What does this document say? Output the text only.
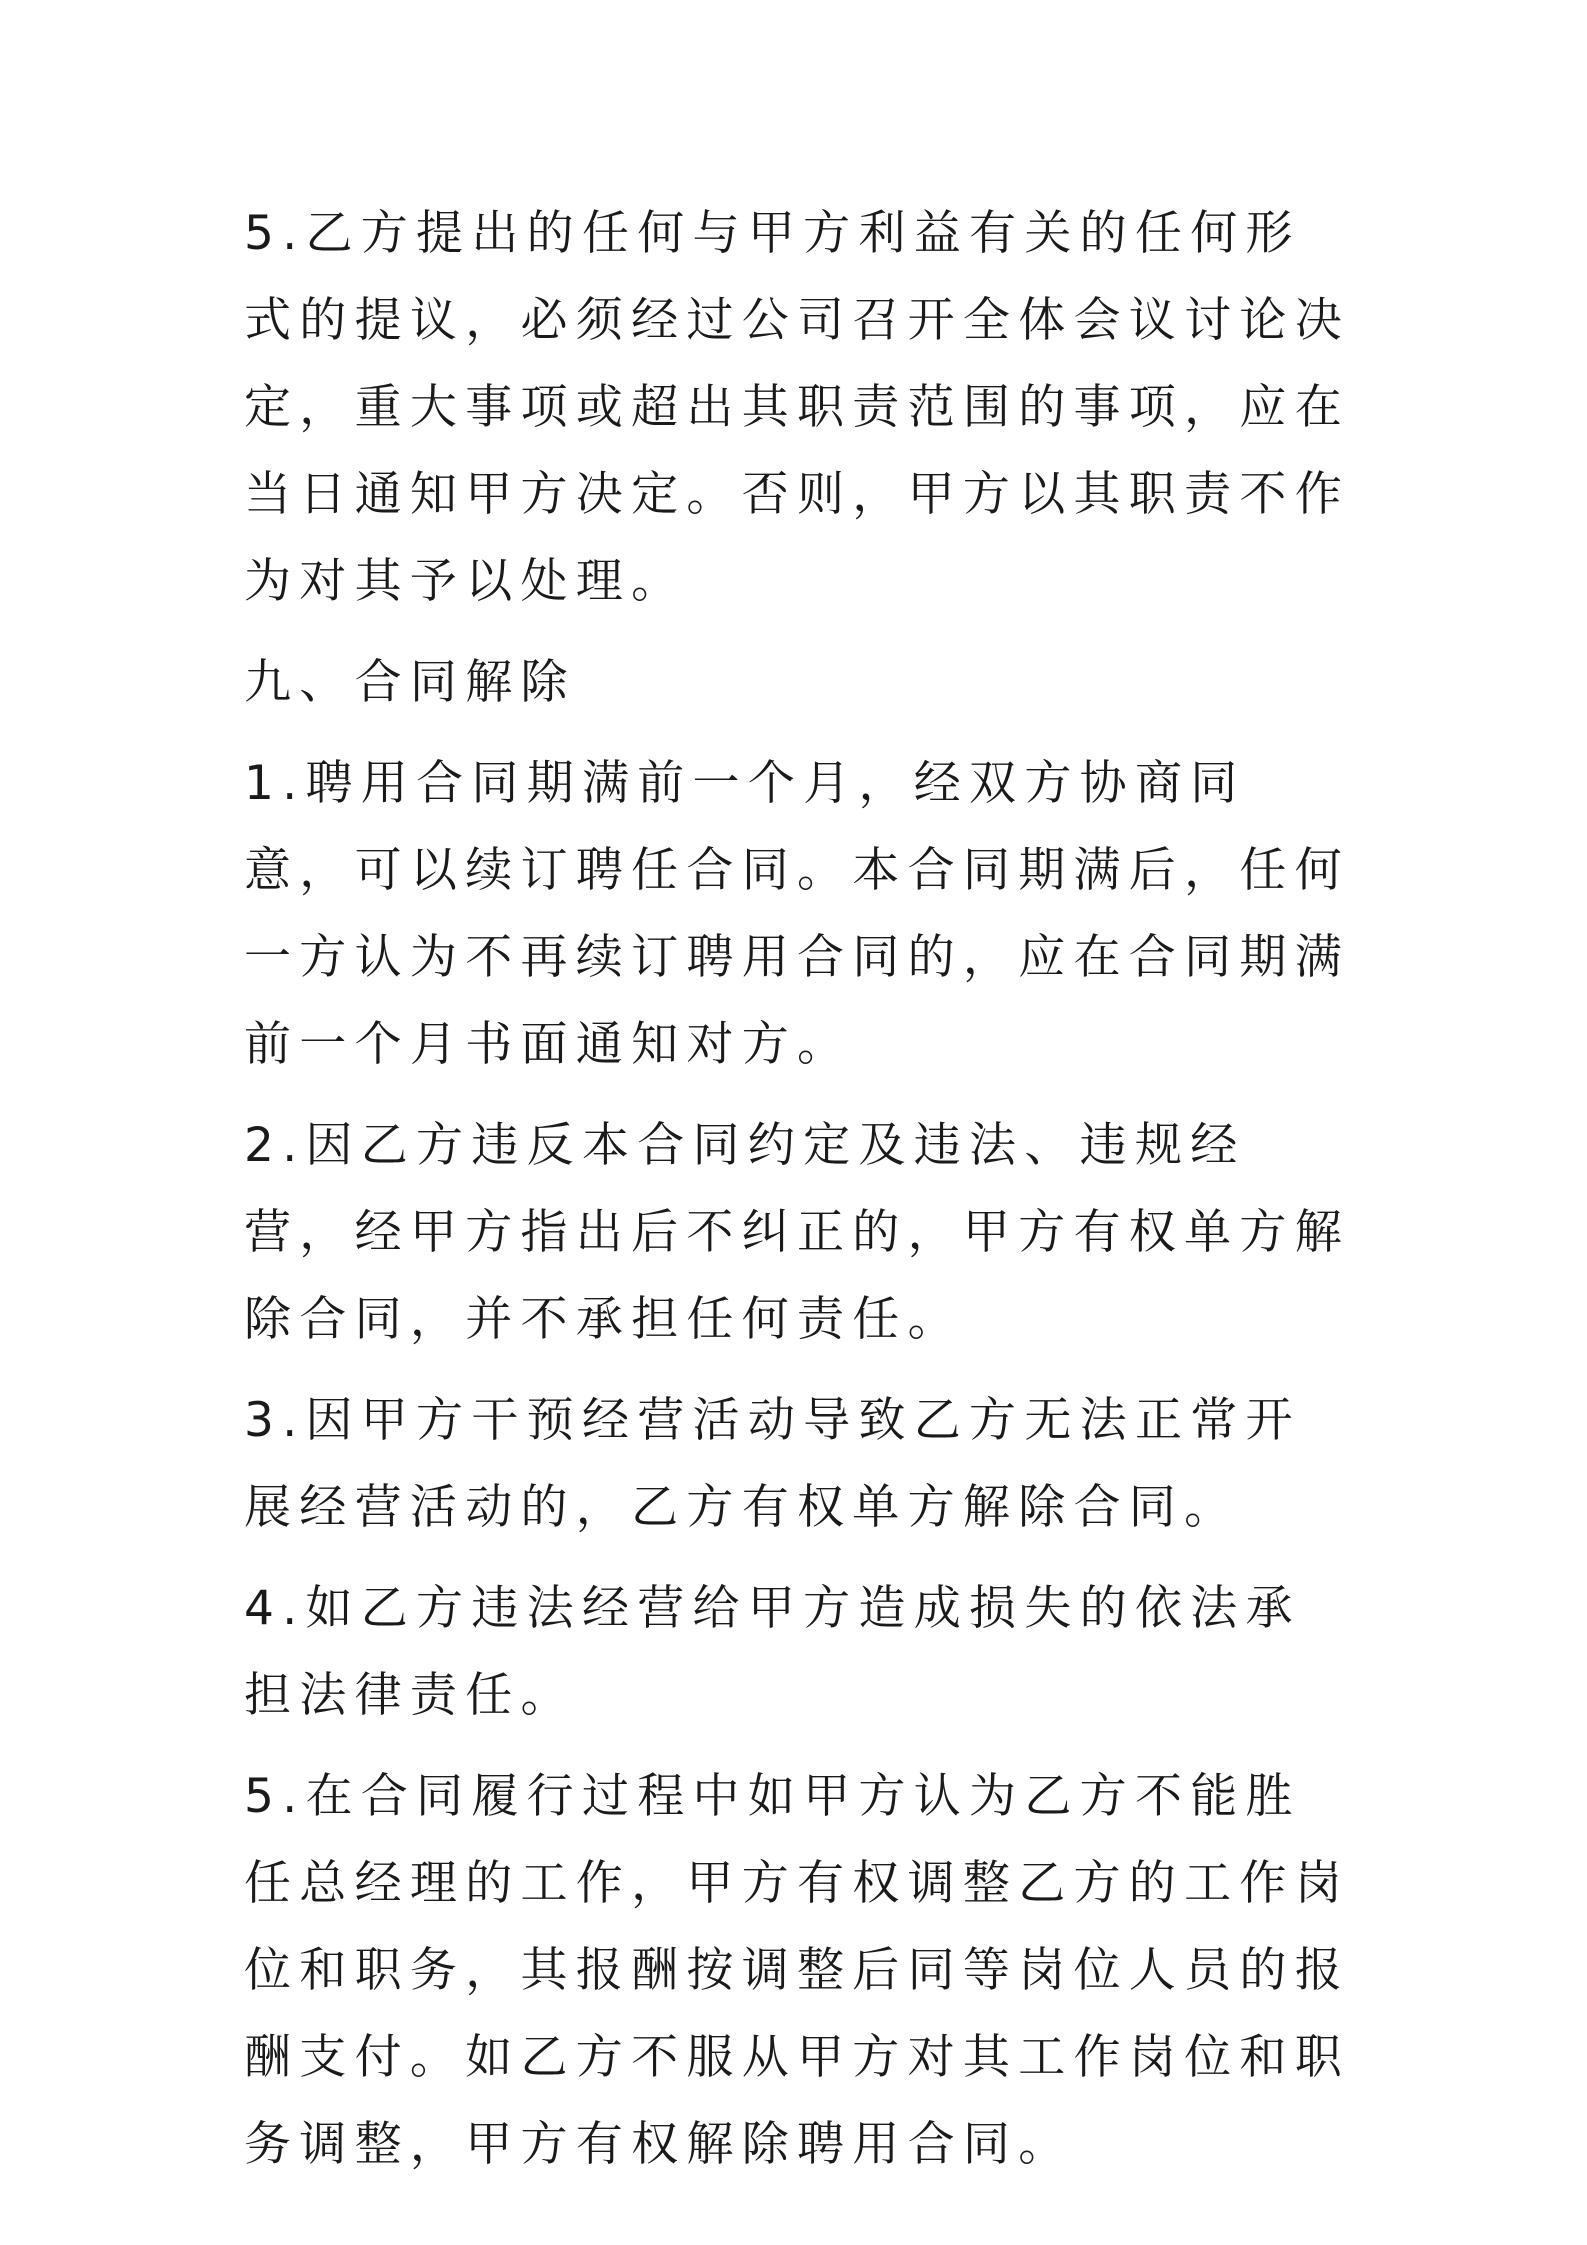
5.乙方提出的任何与甲方利益有关的任何形式的提议，必须经过公司召开全体会议讨论决定，重大事项或超出其职责范围的事项，应在当日通知甲方决定。否则，甲方以其职责不作为对其予以处理。

九、合同解除

1.聘用合同期满前一个月，经双方协商同意，可以续订聘任合同。本合同期满后，任何一方认为不再续订聘用合同的，应在合同期满前一个月书面通知对方。

2.因乙方违反本合同约定及违法、违规经营，经甲方指出后不纠正的，甲方有权单方解除合同，并不承担任何责任。

3.因甲方干预经营活动导致乙方无法正常开展经营活动的，乙方有权单方解除合同。

4.如乙方违法经营给甲方造成损失的依法承担法律责任。

5.在合同履行过程中如甲方认为乙方不能胜任总经理的工作，甲方有权调整乙方的工作岗位和职务，其报酬按调整后同等岗位人员的报酬支付。如乙方不服从甲方对其工作岗位和职务调整，甲方有权解除聘用合同。
